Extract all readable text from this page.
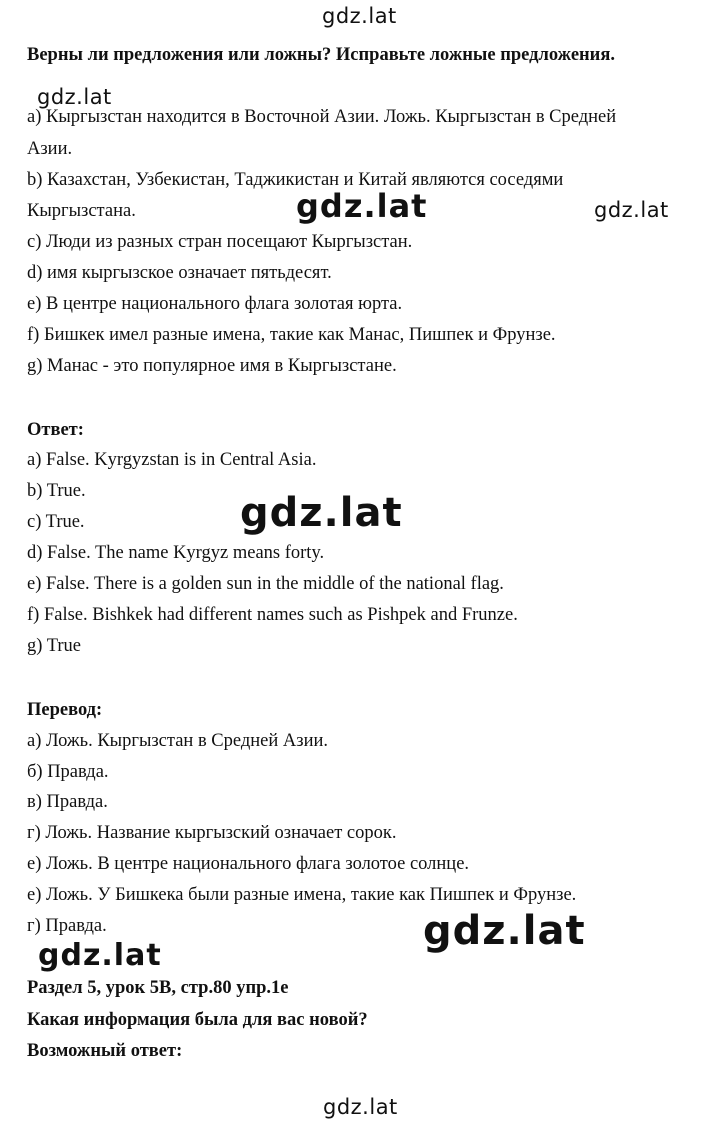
gdz.lat
gdz.lat
gdz.lat	gdz.lat
gdz.lat
gdz.lat
gdz.lat
gdz.lat
Верны ли предложения или ложны? Исправьте ложные предложения.
a) Кыргызстан находится в Восточной Азии. Ложь. Кыргызстан в Средней
Азии.
b) Казахстан, Узбекистан, Таджикистан и Китай являются соседями
Кыргызстана.
c) Люди из разных стран посещают Кыргызстан.
d) имя кыргызское означает пятьдесят.
e) В центре национального флага золотая юрта.
f) Бишкек имел разные имена, такие как Манас, Пишпек и Фрунзе.
g) Манас - это популярное имя в Кыргызстане.
Ответ:
a) False. Kyrgyzstan is in Central Asia.
b) True.
c) True.
d) False. The name Kyrgyz means forty.
e) False. There is a golden sun in the middle of the national flag.
f) False. Bishkek had different names such as Pishpek and Frunze.
g) True
Перевод:
а) Ложь. Кыргызстан в Средней Азии.
б) Правда.
в) Правда.
г) Ложь. Название кыргызский означает сорок.
е) Ложь. В центре национального флага золотое солнце.
е) Ложь. У Бишкека были разные имена, такие как Пишпек и Фрунзе.
г) Правда.
Раздел 5, урок 5B, стр.80 упр.1e
Какая информация была для вас новой?
Возможный ответ:
